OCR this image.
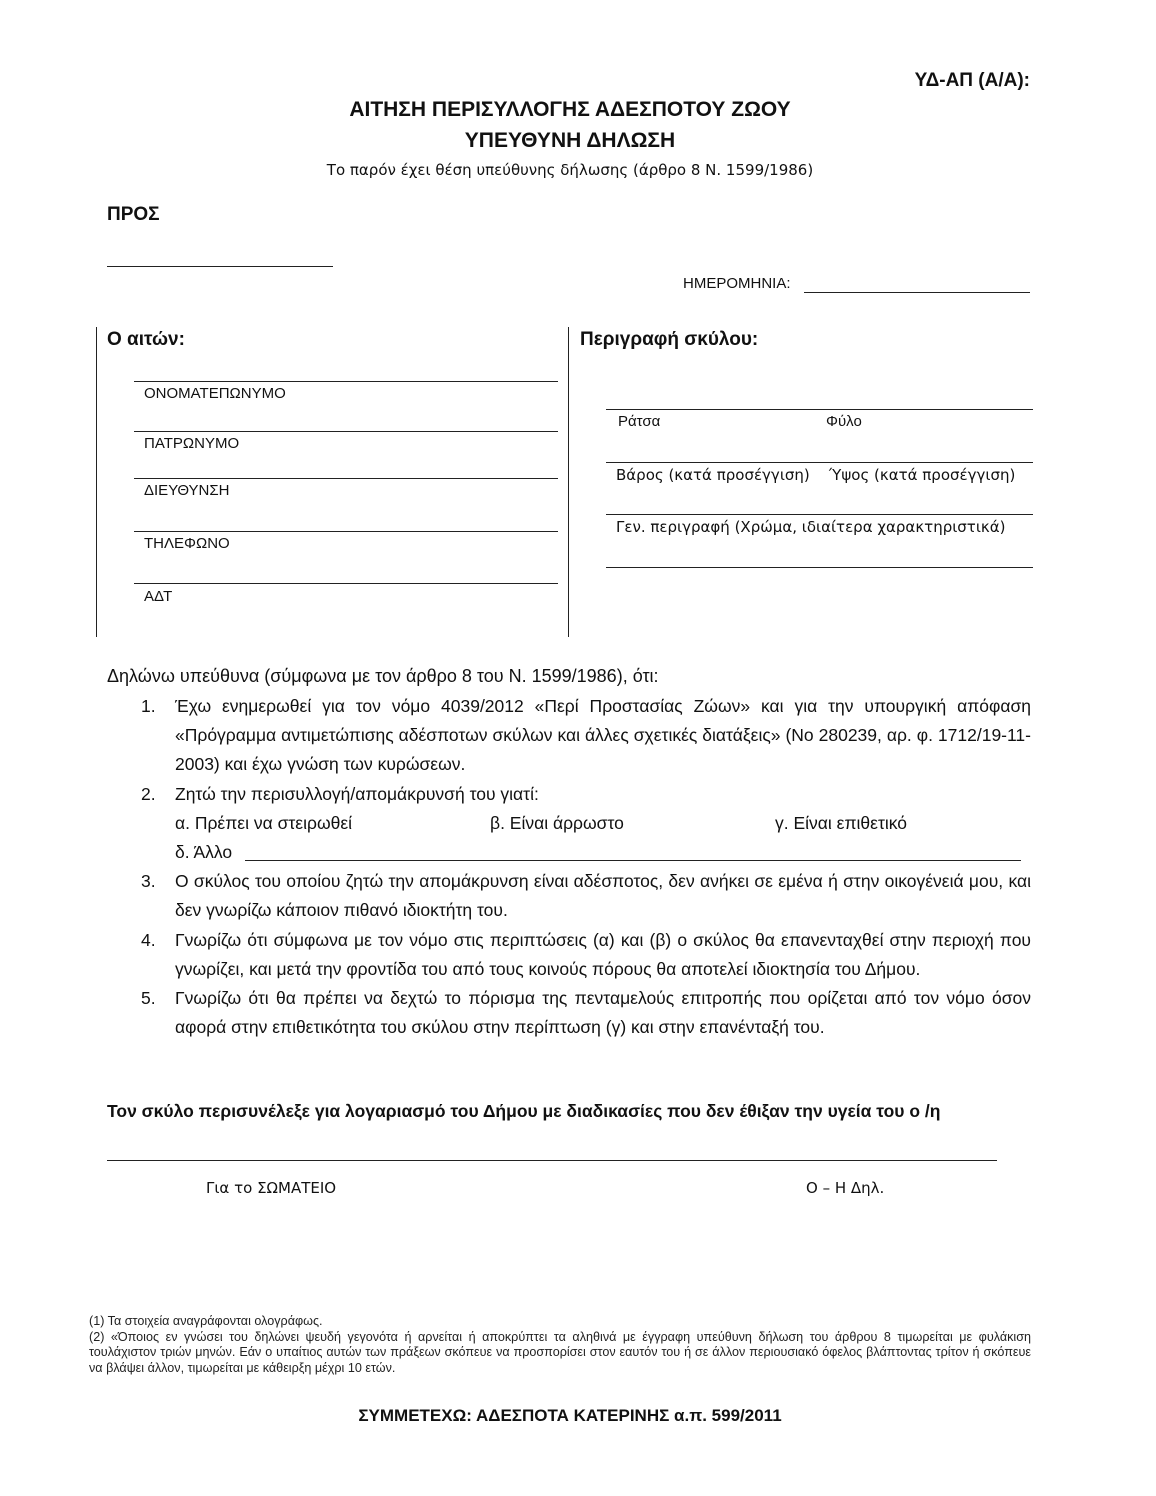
ΥΔ-ΑΠ (Α/Α):
ΑΙΤΗΣΗ ΠΕΡΙΣΥΛΛΟΓΗΣ ΑΔΕΣΠΟΤΟΥ ΖΩΟΥ
ΥΠΕΥΘΥΝΗ ΔΗΛΩΣΗ
Το παρόν έχει θέση υπεύθυνης δήλωσης (άρθρο 8 Ν. 1599/1986)
ΠΡΟΣ
ΗΜΕΡΟΜΗΝΙΑ:
Ο αιτών:
ΟΝΟΜΑΤΕΠΩΝΥΜΟ
ΠΑΤΡΩΝΥΜΟ
ΔΙΕΥΘΥΝΣΗ
ΤΗΛΕΦΩΝΟ
ΑΔΤ
Περιγραφή σκύλου:
Ράτσα	Φύλο
Βάρος (κατά προσέγγιση) Ύψος (κατά προσέγγιση)
Γεν. περιγραφή (Χρώμα, ιδιαίτερα χαρακτηριστικά)
Δηλώνω υπεύθυνα (σύμφωνα με τον άρθρο 8 του Ν. 1599/1986), ότι:
1. Έχω ενημερωθεί για τον νόμο 4039/2012 «Περί Προστασίας Ζώων» και για την υπουργική απόφαση «Πρόγραμμα αντιμετώπισης αδέσποτων σκύλων και άλλες σχετικές διατάξεις» (Νο 280239, αρ. φ. 1712/19-11-2003) και έχω γνώση των κυρώσεων.
2. Ζητώ την περισυλλογή/απομάκρυνσή του γιατί:
α. Πρέπει να στειρωθεί	β. Είναι άρρωστο	γ. Είναι επιθετικό
δ. Άλλο
3. Ο σκύλος του οποίου ζητώ την απομάκρυνση είναι αδέσποτος, δεν ανήκει σε εμένα ή στην οικογένειά μου, και δεν γνωρίζω κάποιον πιθανό ιδιοκτήτη του.
4. Γνωρίζω ότι σύμφωνα με τον νόμο στις περιπτώσεις (α) και (β) ο σκύλος θα επανενταχθεί στην περιοχή που γνωρίζει, και μετά την φροντίδα του από τους κοινούς πόρους θα αποτελεί ιδιοκτησία του Δήμου.
5. Γνωρίζω ότι θα πρέπει να δεχτώ το πόρισμα της πενταμελούς επιτροπής που ορίζεται από τον νόμο όσον αφορά στην επιθετικότητα του σκύλου στην περίπτωση (γ) και στην επανένταξή του.
Τον σκύλο περισυνέλεξε για λογαριασμό του Δήμου με διαδικασίες που δεν έθιξαν την υγεία του ο /η
Για το ΣΩΜΑΤΕΙΟ	Ο – Η Δηλ.
(1) Τα στοιχεία αναγράφονται ολογράφως.
(2) «Όποιος εν γνώσει του δηλώνει ψευδή γεγονότα ή αρνείται ή αποκρύπτει τα αληθινά με έγγραφη υπεύθυνη δήλωση του άρθρου 8 τιμωρείται με φυλάκιση τουλάχιστον τριών μηνών. Εάν ο υπαίτιος αυτών των πράξεων σκόπευε να προσπορίσει στον εαυτόν του ή σε άλλον περιουσιακό όφελος βλάπτοντας τρίτον ή σκόπευε να βλάψει άλλον, τιμωρείται με κάθειρξη μέχρι 10 ετών.
ΣΥΜΜΕΤΕΧΩ: ΑΔΕΣΠΟΤΑ ΚΑΤΕΡΙΝΗΣ α.π. 599/2011
